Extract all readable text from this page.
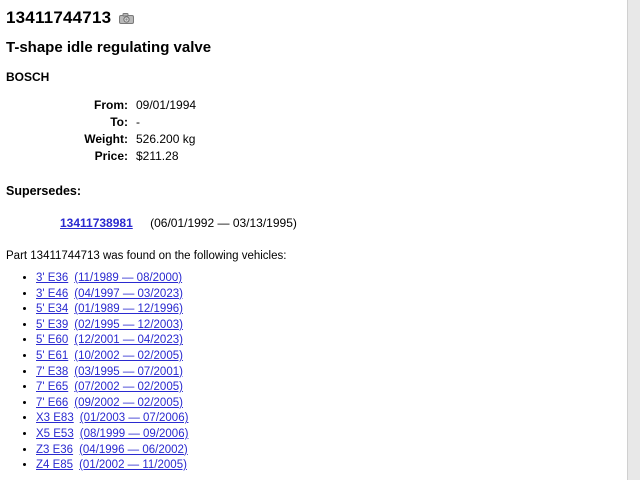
13411744713
T-shape idle regulating valve
BOSCH
From: 09/01/1994
To: -
Weight: 526.200 kg
Price: $211.28
Supersedes:
13411738981 (06/01/1992 — 03/13/1995)
Part 13411744713 was found on the following vehicles:
• 3' E36 (11/1989 — 08/2000)
• 3' E46 (04/1997 — 03/2023)
• 5' E34 (01/1989 — 12/1996)
• 5' E39 (02/1995 — 12/2003)
• 5' E60 (12/2001 — 04/2023)
• 5' E61 (10/2002 — 02/2005)
• 7' E38 (03/1995 — 07/2001)
• 7' E65 (07/2002 — 02/2005)
• 7' E66 (09/2002 — 02/2005)
• X3 E83 (01/2003 — 07/2006)
• X5 E53 (08/1999 — 09/2006)
• Z3 E36 (04/1996 — 06/2002)
• Z4 E85 (01/2002 — 11/2005)
